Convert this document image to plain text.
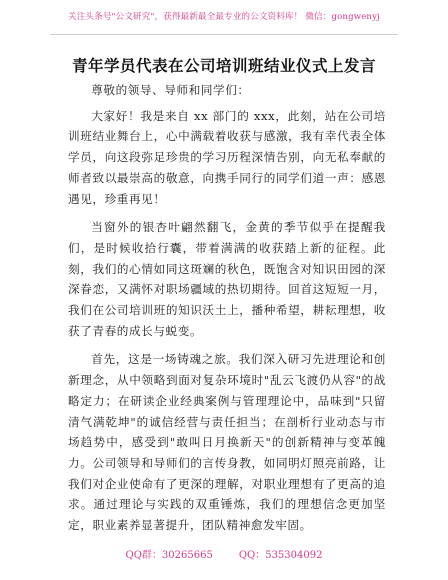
关注头条号"公文研究"，获得最新最全最专业的公文资料库！ 微信：gongwenyj
青年学员代表在公司培训班结业仪式上发言

尊敬的领导、导师和同学们：

大家好！我是来自 xx 部门的 xxx，此刻，站在公司培训班结业舞台上，心中满载着收获与感激，我有幸代表全体学员，向这段弥足珍贵的学习历程深情告别，向无私奉献的师者致以最崇高的敬意，向携手同行的同学们道一声：感恩遇见，珍重再见！

当窗外的银杏叶翩然翻飞，金黄的季节似乎在提醒我们，是时候收拾行囊，带着满满的收获踏上新的征程。此刻，我们的心情如同这斑斓的秋色，既饱含对知识田园的深深眷恋，又满怀对职场疆域的热切期待。回首这短短一月，我们在公司培训班的知识沃土上，播种希望，耕耘理想，收获了青春的成长与蜕变。

首先，这是一场铸魂之旅。我们深入研习先进理论和创新理念，从中领略到面对复杂环境时"乱云飞渡仍从容"的战略定力；在研读企业经典案例与管理理论中，品味到"只留清气满乾坤"的诚信经营与责任担当；在剖析行业动态与市场趋势中，感受到"敢叫日月换新天"的创新精神与变革魄力。公司领导和导师们的言传身教，如同明灯照亮前路，让我们对企业使命有了更深的理解，对职业理想有了更高的追求。通过理论与实践的双重锤炼，我们的理想信念更加坚定，职业素养显著提升，团队精神愈发牢固。

QQ群：30265665	QQ：535304092
